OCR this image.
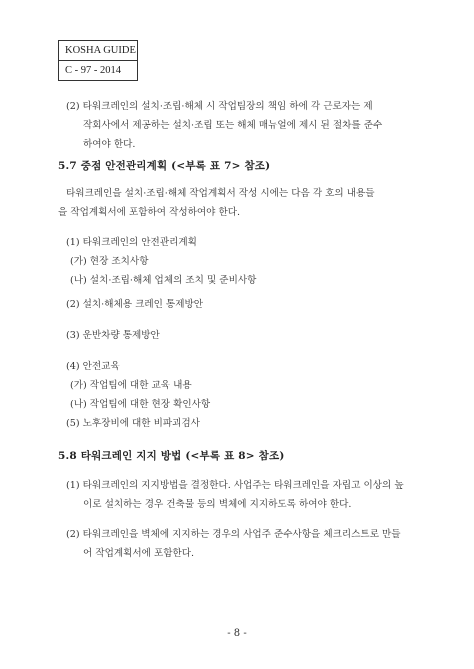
KOSHA GUIDE
C - 97 - 2014
(2) 타워크레인의 설치·조립·해체 시 작업팀장의 책임 하에 각 근로자는 제
작회사에서 제공하는 설치·조립 또는 해체 매뉴얼에 제시 된 절차를 준수
하여야 한다.
5.7 중점 안전관리계획 (<부록 표 7> 참조)
타워크레인을 설치·조립·해체 작업계획서 작성 시에는 다음 각 호의 내용들
을 작업계획서에 포함하여 작성하여야 한다.
(1) 타워크레인의 안전관리계획
(가) 현장 조치사항
(나) 설치·조립·해체 업체의 조치 및 준비사항
(2) 설치·해체용 크레인 통제방안
(3) 운반차량 통제방안
(4) 안전교육
(가) 작업팀에 대한 교육 내용
(나) 작업팀에 대한 현장 확인사항
(5) 노후장비에 대한 비파괴검사
5.8 타워크레인 지지 방법 (<부록 표 8> 참조)
(1) 타워크레인의 지지방법을 결정한다. 사업주는 타워크레인을 자립고 이상의 높
이로 설치하는 경우 건축물 등의 벽체에 지지하도록 하여야 한다.
(2) 타워크레인을 벽체에 지지하는 경우의 사업주 준수사항을 체크리스트로 만들
어 작업계획서에 포함한다.
- 8 -
